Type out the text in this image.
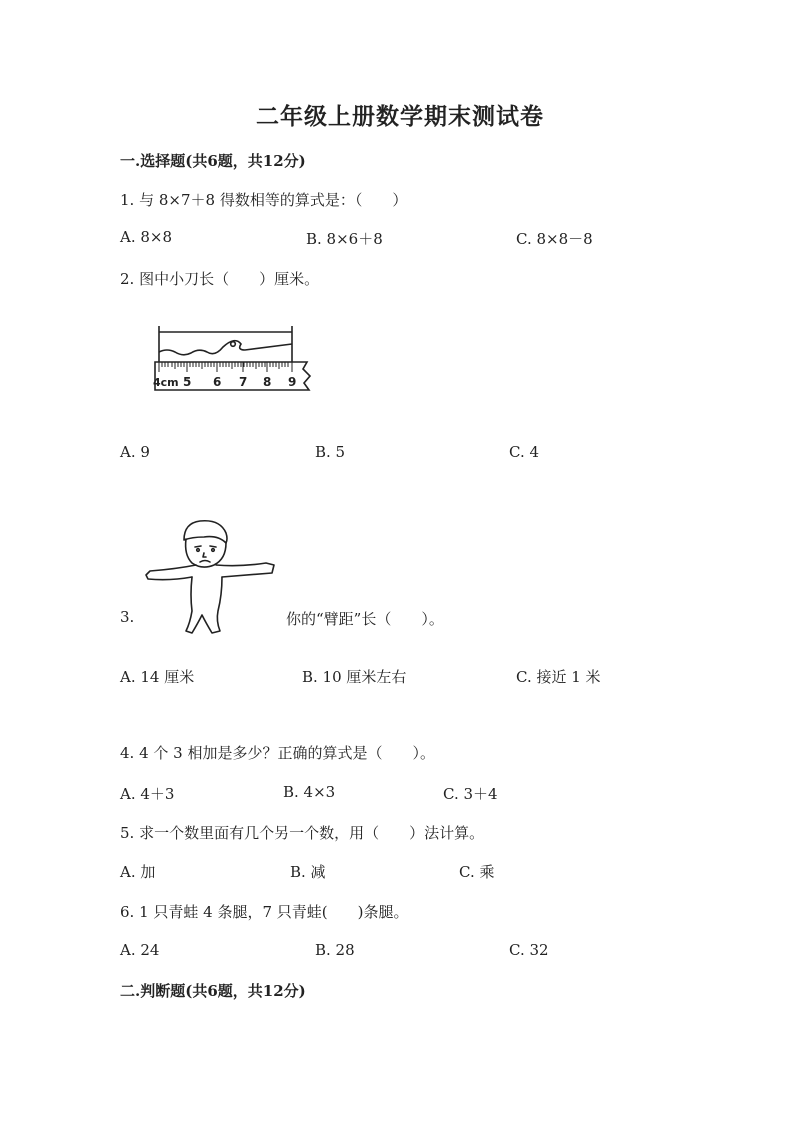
二年级上册数学期末测试卷
一.选择题(共6题，共12分)
1. 与 8×7＋8 得数相等的算式是：（　　）
A. 8×8	B. 8×6＋8	C. 8×8－8
2. 图中小刀长（　　）厘米。
4cm 5 6 7 8 9
A. 9	B. 5	C. 4
3.	你的“臂距”长（　　）。
A. 14 厘米	B. 10 厘米左右	C. 接近 1 米
4. 4 个 3 相加是多少？正确的算式是（　　）。
A. 4＋3	B. 4×3	C. 3＋4
5. 求一个数里面有几个另一个数，用（　　）法计算。
A. 加	B. 减	C. 乘
6. 1 只青蛙 4 条腿，7 只青蛙(　　)条腿。
A. 24	B. 28	C. 32
二.判断题(共6题，共12分)
